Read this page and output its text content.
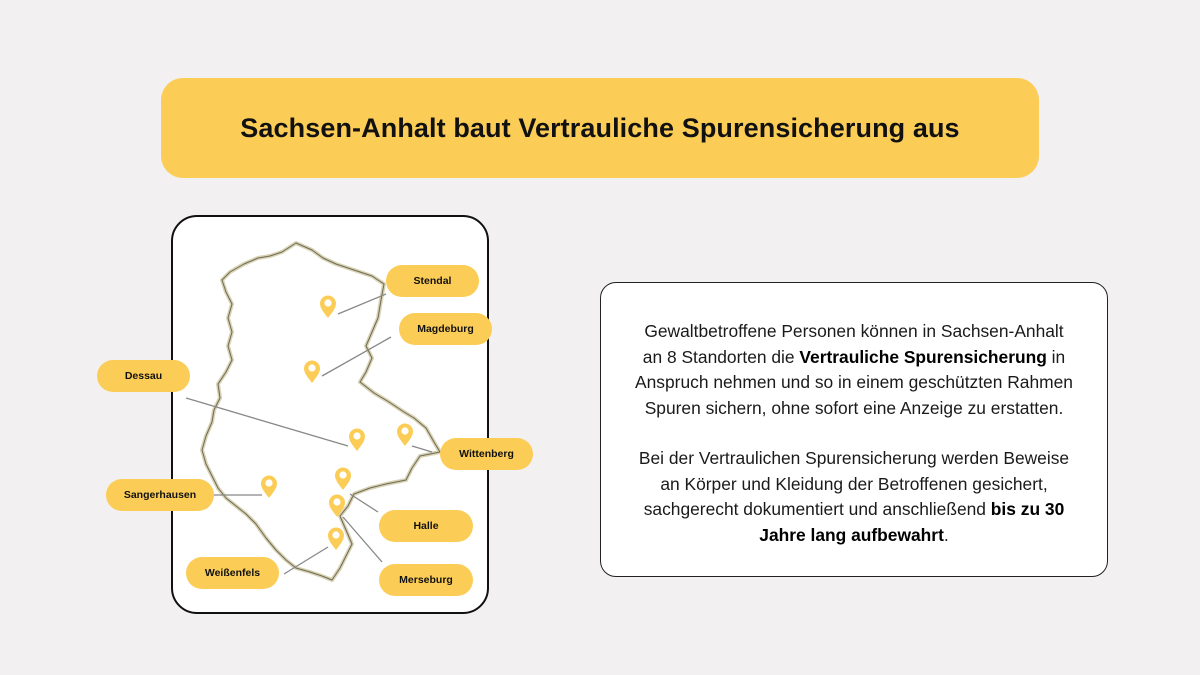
Sachsen-Anhalt baut Vertrauliche Spurensicherung aus
Stendal
Magdeburg
Dessau
Wittenberg
Sangerhausen
Halle
Merseburg
Weißenfels

Gewaltbetroffene Personen können in Sachsen-Anhalt an 8 Standorten die Vertrauliche Spurensicherung in Anspruch nehmen und so in einem geschützten Rahmen Spuren sichern, ohne sofort eine Anzeige zu erstatten.

Bei der Vertraulichen Spurensicherung werden Beweise an Körper und Kleidung der Betroffenen gesichert, sachgerecht dokumentiert und anschließend bis zu 30 Jahre lang aufbewahrt.
